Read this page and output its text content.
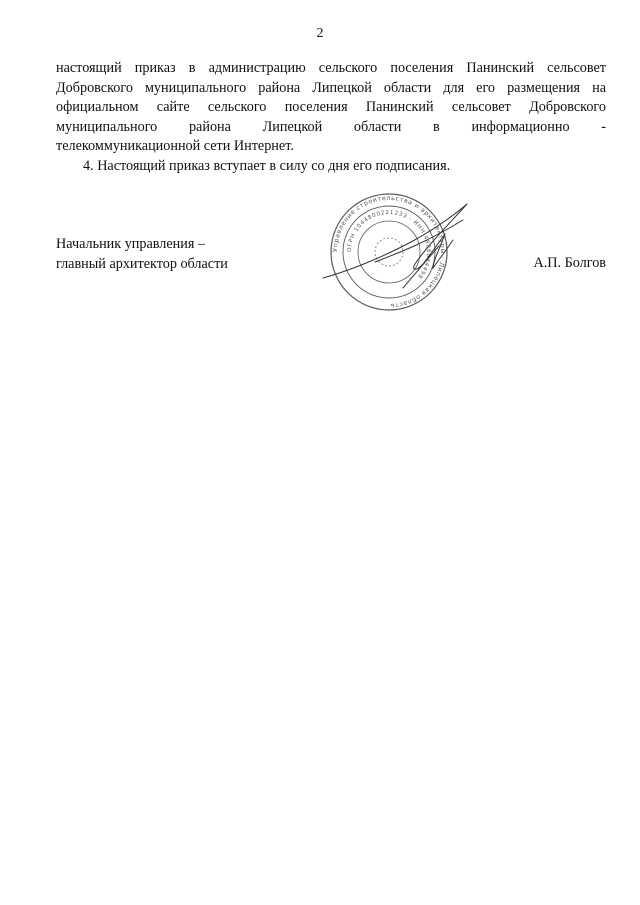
2
настоящий приказ в администрацию сельского поселения Панинский сельсовет
Добровского муниципального района Липецкой области для его размещения на
официальном сайте сельского поселения Панинский сельсовет Добровского
муниципального района Липецкой области в информационно -
телекоммуникационной сети Интернет.
4. Настоящий приказ вступает в силу со дня его подписания.
Начальник управления –
главный архитектор области
Управление строительства и архитектуры · Липецкая область
ОГРН 1044800221233 · ИНН 4826044498
А.П. Болгов
